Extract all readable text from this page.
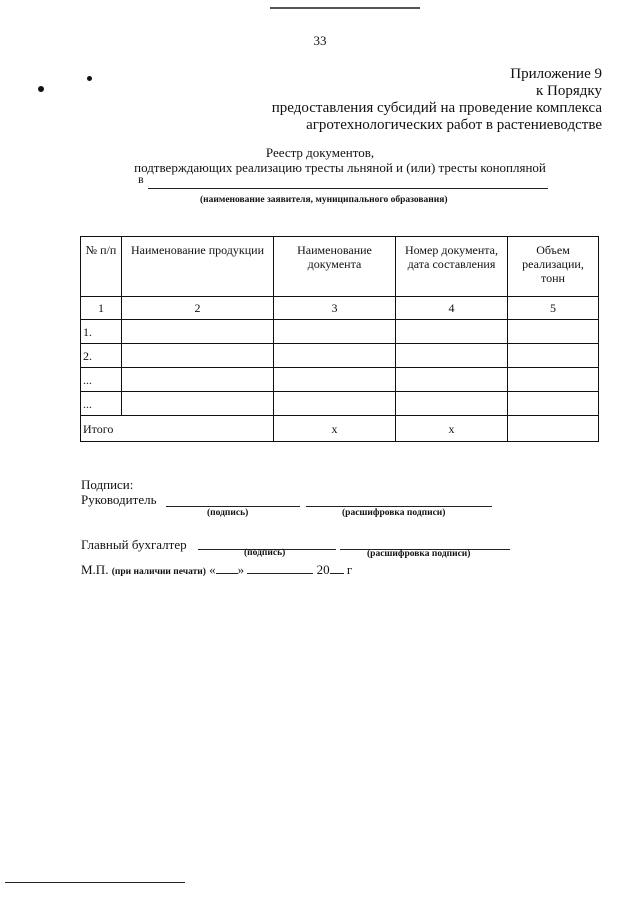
33
Приложение 9
к Порядку
предоставления субсидий на проведение комплекса
агротехнологических работ в растениеводстве
Реестр документов,
подтверждающих реализацию тресты льняной и (или) тресты конопляной
в
(наименование заявителя, муниципального образования)
№ п/п	Наименование продукции	Наименование документа	Номер документа, дата составления	Объем реализации, тонн
1	2	3	4	5
1.				
2.				
...				
...				
Итого		x	x	
Подписи:
Руководитель
(подпись)	(расшифровка подписи)
Главный бухгалтер
(подпись)	(расшифровка подписи)
М.П. (при наличии печати) « »	20 г
